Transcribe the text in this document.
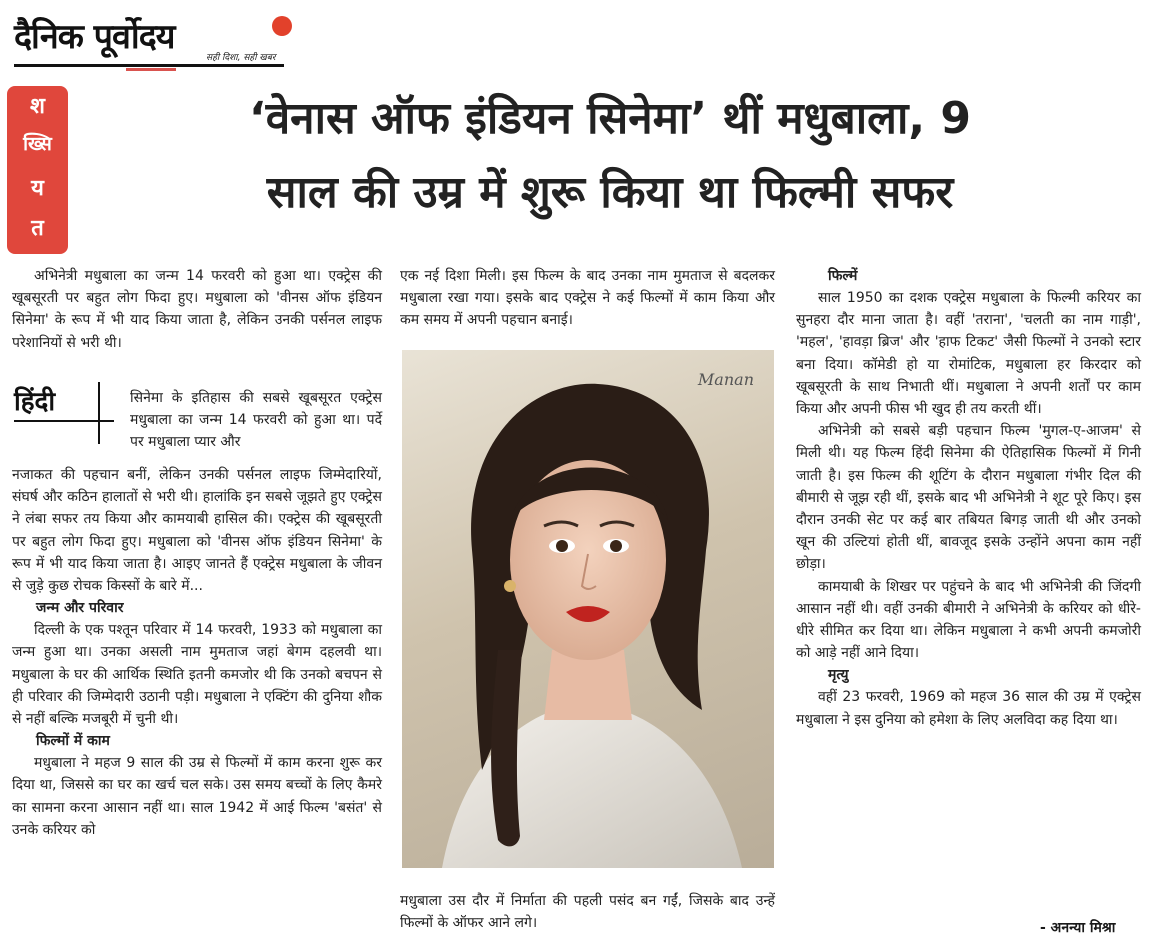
दैनिक पूर्वोदय
सही दिशा, सही खबर
श
ख्सि
य
त
‘वेनास ऑफ इंडियन सिनेमा’ थीं मधुबाला, 9
साल की उम्र में शुरू किया था फिल्मी सफर

अभिनेत्री मधुबाला का जन्म 14 फरवरी को हुआ था। एक्ट्रेस की खूबसूरती पर बहुत लोग फिदा हुए। मधुबाला को 'वीनस ऑफ इंडियन सिनेमा' के रूप में भी याद किया जाता है, लेकिन उनकी पर्सनल लाइफ परेशानियों से भरी थी।

हिंदी	सिनेमा के इतिहास की सबसे खूबसूरत एक्ट्रेस मधुबाला का जन्म 14 फरवरी को हुआ था। पर्दे पर मधुबाला प्यार और

नजाकत की पहचान बनीं, लेकिन उनकी पर्सनल लाइफ जिम्मेदारियों, संघर्ष और कठिन हालातों से भरी थी। हालांकि इन सबसे जूझते हुए एक्ट्रेस ने लंबा सफर तय किया और कामयाबी हासिल की। एक्ट्रेस की खूबसूरती पर बहुत लोग फिदा हुए। मधुबाला को 'वीनस ऑफ इंडियन सिनेमा' के रूप में भी याद किया जाता है। आइए जानते हैं एक्ट्रेस मधुबाला के जीवन से जुड़े कुछ रोचक किस्सों के बारे में...

जन्म और परिवार

दिल्ली के एक पश्तून परिवार में 14 फरवरी, 1933 को मधुबाला का जन्म हुआ था। उनका असली नाम मुमताज जहां बेगम दहलवी था। मधुबाला के घर की आर्थिक स्थिति इतनी कमजोर थी कि उनको बचपन से ही परिवार की जिम्मेदारी उठानी पड़ी। मधुबाला ने एक्टिंग की दुनिया शौक से नहीं बल्कि मजबूरी में चुनी थी।

फिल्मों में काम

मधुबाला ने महज 9 साल की उम्र से फिल्मों में काम करना शुरू कर दिया था, जिससे का घर का खर्च चल सके। उस समय बच्चों के लिए कैमरे का सामना करना आसान नहीं था। साल 1942 में आई फिल्म 'बसंत' से उनके करियर को

एक नई दिशा मिली। इस फिल्म के बाद उनका नाम मुमताज से बदलकर मधुबाला रखा गया। इसके बाद एक्ट्रेस ने कई फिल्मों में काम किया और कम समय में अपनी पहचान बनाई।

Manan

मधुबाला उस दौर में निर्माता की पहली पसंद बन गईं, जिसके बाद उन्हें फिल्मों के ऑफर आने लगे।

फिल्में

साल 1950 का दशक एक्ट्रेस मधुबाला के फिल्मी करियर का सुनहरा दौर माना जाता है। वहीं 'तराना', 'चलती का नाम गाड़ी', 'महल', 'हावड़ा ब्रिज' और 'हाफ टिकट' जैसी फिल्मों ने उनको स्टार बना दिया। कॉमेडी हो या रोमांटिक, मधुबाला हर किरदार को खूबसूरती के साथ निभाती थीं। मधुबाला ने अपनी शर्तों पर काम किया और अपनी फीस भी खुद ही तय करती थीं।

अभिनेत्री को सबसे बड़ी पहचान फिल्म 'मुगल-ए-आजम' से मिली थी। यह फिल्म हिंदी सिनेमा की ऐतिहासिक फिल्मों में गिनी जाती है। इस फिल्म की शूटिंग के दौरान मधुबाला गंभीर दिल की बीमारी से जूझ रही थीं, इसके बाद भी अभिनेत्री ने शूट पूरे किए। इस दौरान उनकी सेट पर कई बार तबियत बिगड़ जाती थी और उनको खून की उल्टियां होती थीं, बावजूद इसके उन्होंने अपना काम नहीं छोड़ा।

कामयाबी के शिखर पर पहुंचने के बाद भी अभिनेत्री की जिंदगी आसान नहीं थी। वहीं उनकी बीमारी ने अभिनेत्री के करियर को धीरे-धीरे सीमित कर दिया था। लेकिन मधुबाला ने कभी अपनी कमजोरी को आड़े नहीं आने दिया।

मृत्यु

वहीं 23 फरवरी, 1969 को महज 36 साल की उम्र में एक्ट्रेस मधुबाला ने इस दुनिया को हमेशा के लिए अलविदा कह दिया था।

- अनन्या मिश्रा
